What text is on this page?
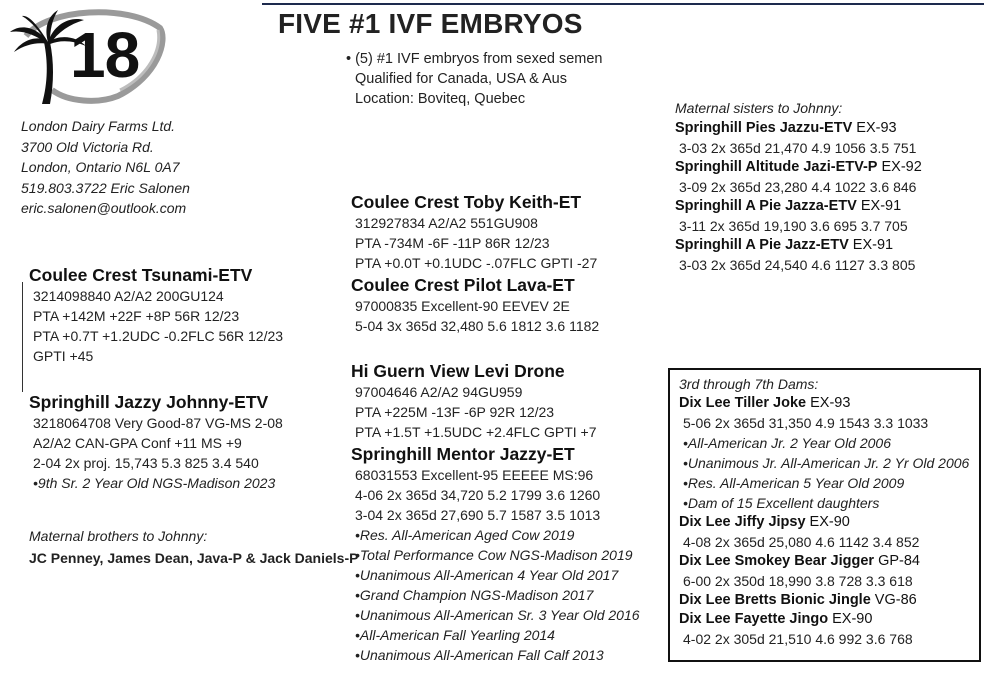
18	FIVE #1 IVF EMBRYOS
• (5) #1 IVF embryos from sexed semen
Qualified for Canada, USA & Aus
Location: Boviteq, Quebec
London Dairy Farms Ltd.
3700 Old Victoria Rd.
London, Ontario N6L 0A7
519.803.3722 Eric Salonen
eric.salonen@outlook.com
Coulee Crest Tsunami-ETV
3214098840 A2/A2 200GU124
PTA +142M +22F +8P 56R 12/23
PTA +0.7T +1.2UDC -0.2FLC 56R 12/23
GPTI +45
Springhill Jazzy Johnny-ETV
3218064708 Very Good-87 VG-MS 2-08
A2/A2 CAN-GPA Conf +11 MS +9
2-04 2x proj. 15,743 5.3 825 3.4 540
•9th Sr. 2 Year Old NGS-Madison 2023
Maternal brothers to Johnny:
JC Penney, James Dean, Java-P & Jack Daniels-P
Coulee Crest Toby Keith-ET
312927834 A2/A2 551GU908
PTA -734M -6F -11P 86R 12/23
PTA +0.0T +0.1UDC -.07FLC GPTI -27
Coulee Crest Pilot Lava-ET
97000835 Excellent-90 EEVEV 2E
5-04 3x 365d 32,480 5.6 1812 3.6 1182
Hi Guern View Levi Drone
97004646 A2/A2 94GU959
PTA +225M -13F -6P 92R 12/23
PTA +1.5T +1.5UDC +2.4FLC GPTI +7
Springhill Mentor Jazzy-ET
68031553 Excellent-95 EEEEE MS:96
4-06 2x 365d 34,720 5.2 1799 3.6 1260
3-04 2x 365d 27,690 5.7 1587 3.5 1013
•Res. All-American Aged Cow 2019
•Total Performance Cow NGS-Madison 2019
•Unanimous All-American 4 Year Old 2017
•Grand Champion NGS-Madison 2017
•Unanimous All-American Sr. 3 Year Old 2016
•All-American Fall Yearling 2014
•Unanimous All-American Fall Calf 2013
Maternal sisters to Johnny:
Springhill Pies Jazzu-ETV EX-93
3-03 2x 365d 21,470 4.9 1056 3.5 751
Springhill Altitude Jazi-ETV-P EX-92
3-09 2x 365d 23,280 4.4 1022 3.6 846
Springhill A Pie Jazza-ETV EX-91
3-11 2x 365d 19,190 3.6 695 3.7 705
Springhill A Pie Jazz-ETV EX-91
3-03 2x 365d 24,540 4.6 1127 3.3 805
3rd through 7th Dams:
Dix Lee Tiller Joke EX-93
5-06 2x 365d 31,350 4.9 1543 3.3 1033
•All-American Jr. 2 Year Old 2006
•Unanimous Jr. All-American Jr. 2 Yr Old 2006
•Res. All-American 5 Year Old 2009
•Dam of 15 Excellent daughters
Dix Lee Jiffy Jipsy EX-90
4-08 2x 365d 25,080 4.6 1142 3.4 852
Dix Lee Smokey Bear Jigger GP-84
6-00 2x 350d 18,990 3.8 728 3.3 618
Dix Lee Bretts Bionic Jingle VG-86
Dix Lee Fayette Jingo EX-90
4-02 2x 305d 21,510 4.6 992 3.6 768
